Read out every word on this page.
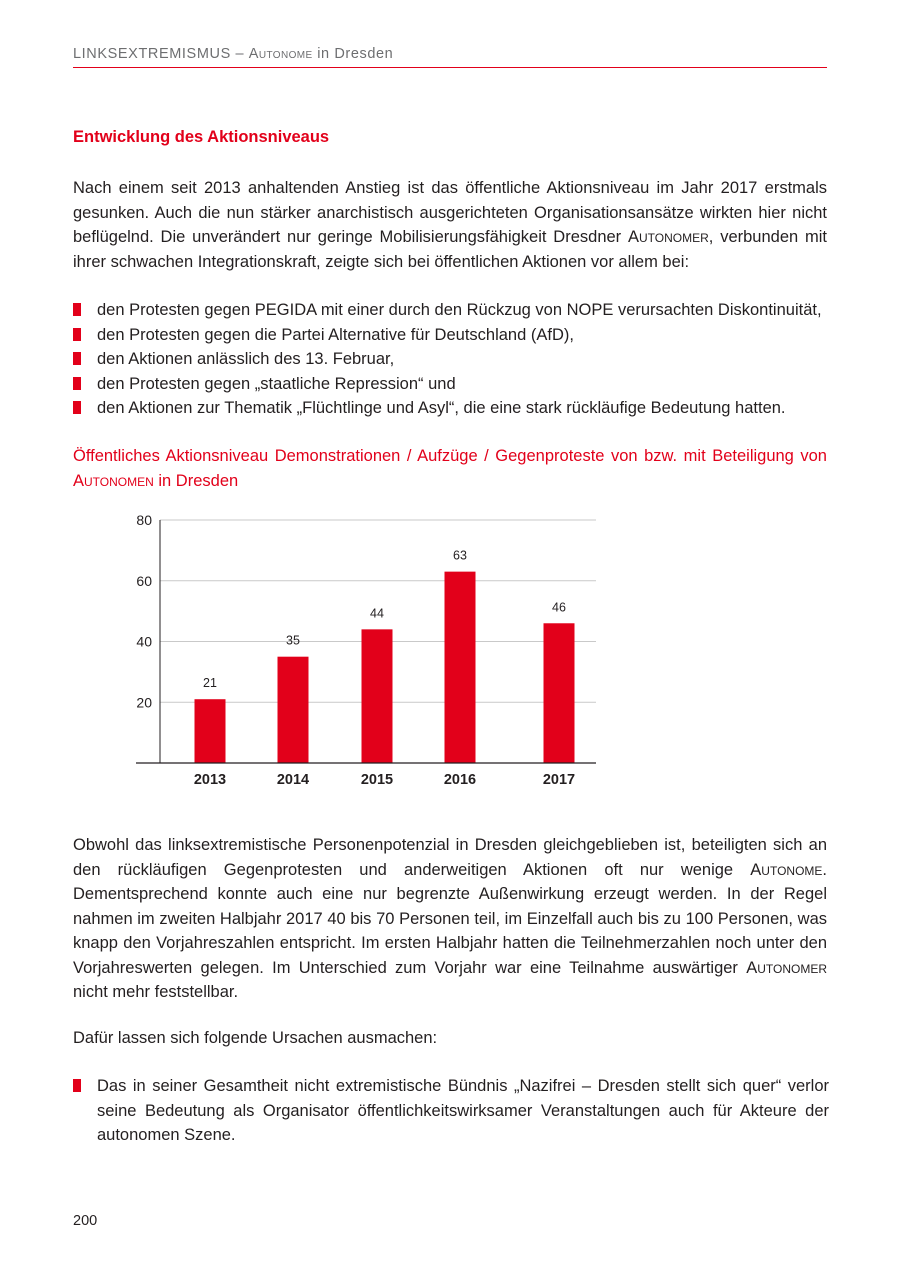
LINKSEXTREMISMUS – Autonome in Dresden
Entwicklung des Aktionsniveaus
Nach einem seit 2013 anhaltenden Anstieg ist das öffentliche Aktionsniveau im Jahr 2017 erstmals gesunken. Auch die nun stärker anarchistisch ausgerichteten Organisationsansätze wirkten hier nicht beflügelnd. Die unverändert nur geringe Mobilisierungsfähigkeit Dresdner Autonomer, verbunden mit ihrer schwachen Integrationskraft, zeigte sich bei öffentlichen Aktionen vor allem bei:
den Protesten gegen PEGIDA mit einer durch den Rückzug von NOPE verursachten Diskontinuität,
den Protesten gegen die Partei Alternative für Deutschland (AfD),
den Aktionen anlässlich des 13. Februar,
den Protesten gegen „staatliche Repression“ und
den Aktionen zur Thematik „Flüchtlinge und Asyl“, die eine stark rückläufige Bedeutung hatten.
Öffentliches Aktionsniveau Demonstrationen / Aufzüge / Gegenproteste von bzw. mit Beteiligung von Autonomen in Dresden
20
40
60
80
21
2013
35
2014
44
2015
63
2016
46
2017
Obwohl das linksextremistische Personenpotenzial in Dresden gleichgeblieben ist, beteiligten sich an den rückläufigen Gegenprotesten und anderweitigen Aktionen oft nur wenige Autonome. Dementsprechend konnte auch eine nur begrenzte Außenwirkung erzeugt werden. In der Regel nahmen im zweiten Halbjahr 2017 40 bis 70 Personen teil, im Einzelfall auch bis zu 100 Personen, was knapp den Vorjahreszahlen entspricht. Im ersten Halbjahr hatten die Teilnehmerzahlen noch unter den Vorjahreswerten gelegen. Im Unterschied zum Vorjahr war eine Teilnahme auswärtiger Autonomer nicht mehr feststellbar.
Dafür lassen sich folgende Ursachen ausmachen:
Das in seiner Gesamtheit nicht extremistische Bündnis „Nazifrei – Dresden stellt sich quer“ verlor seine Bedeutung als Organisator öffentlichkeitswirksamer Veranstaltungen auch für Akteure der autonomen Szene.
200
